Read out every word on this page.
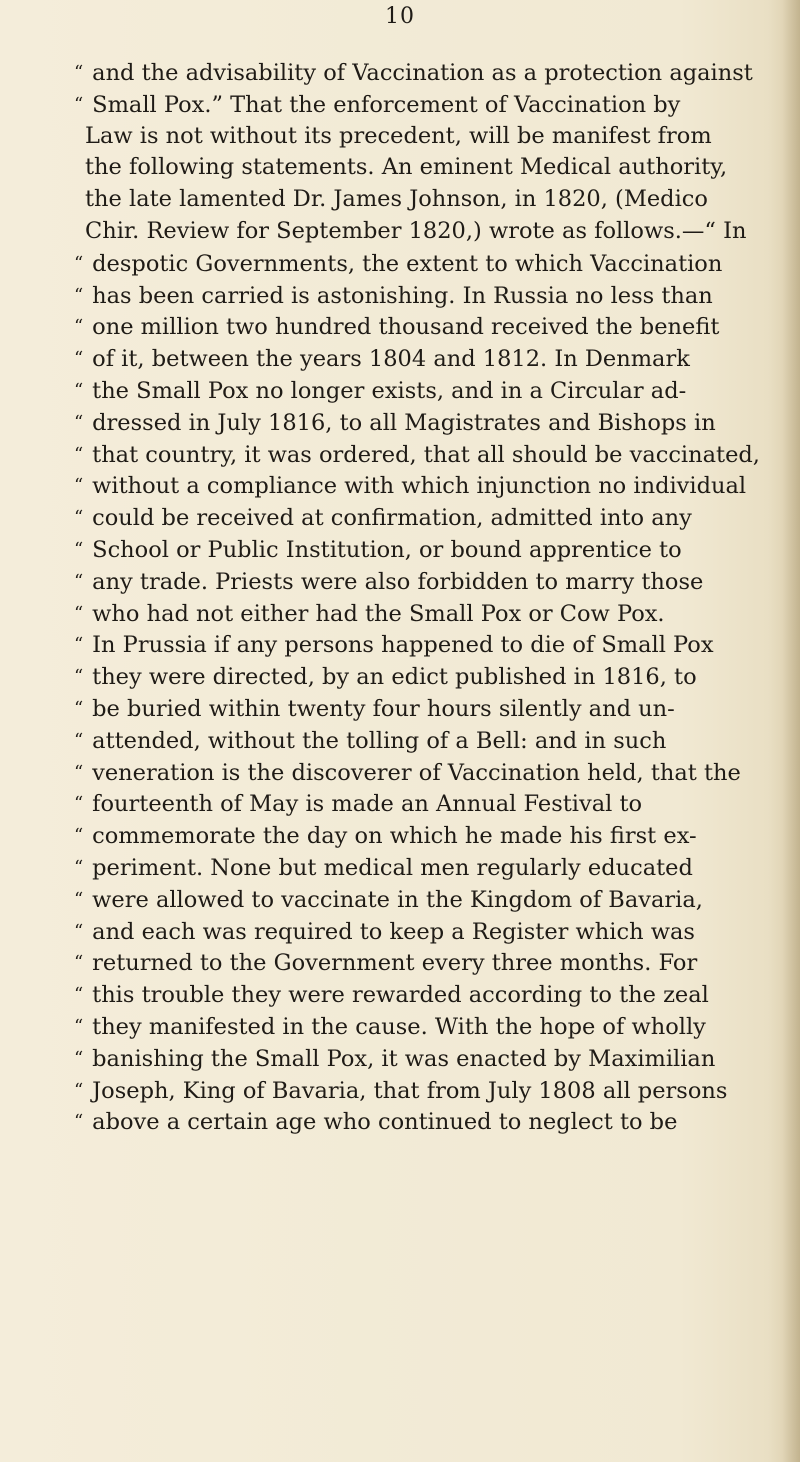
10
“ and the advisability of Vaccination as a protection against
“ Small Pox.” That the enforcement of Vaccination by
Law is not without its precedent, will be manifest from
the following statements. An eminent Medical authority,
the late lamented Dr. James Johnson, in 1820, (Medico
Chir. Review for September 1820,) wrote as follows.—“ In
“ despotic Governments, the extent to which Vaccination
“ has been carried is astonishing. In Russia no less than
“ one million two hundred thousand received the benefit
“ of it, between the years 1804 and 1812. In Denmark
“ the Small Pox no longer exists, and in a Circular ad-
“ dressed in July 1816, to all Magistrates and Bishops in
“ that country, it was ordered, that all should be vaccinated,
“ without a compliance with which injunction no individual
“ could be received at confirmation, admitted into any
“ School or Public Institution, or bound apprentice to
“ any trade. Priests were also forbidden to marry those
“ who had not either had the Small Pox or Cow Pox.
“ In Prussia if any persons happened to die of Small Pox
“ they were directed, by an edict published in 1816, to
“ be buried within twenty four hours silently and un-
“ attended, without the tolling of a Bell: and in such
“ veneration is the discoverer of Vaccination held, that the
“ fourteenth of May is made an Annual Festival to
“ commemorate the day on which he made his first ex-
“ periment. None but medical men regularly educated
“ were allowed to vaccinate in the Kingdom of Bavaria,
“ and each was required to keep a Register which was
“ returned to the Government every three months. For
“ this trouble they were rewarded according to the zeal
“ they manifested in the cause. With the hope of wholly
“ banishing the Small Pox, it was enacted by Maximilian
“ Joseph, King of Bavaria, that from July 1808 all persons
“ above a certain age who continued to neglect to be
